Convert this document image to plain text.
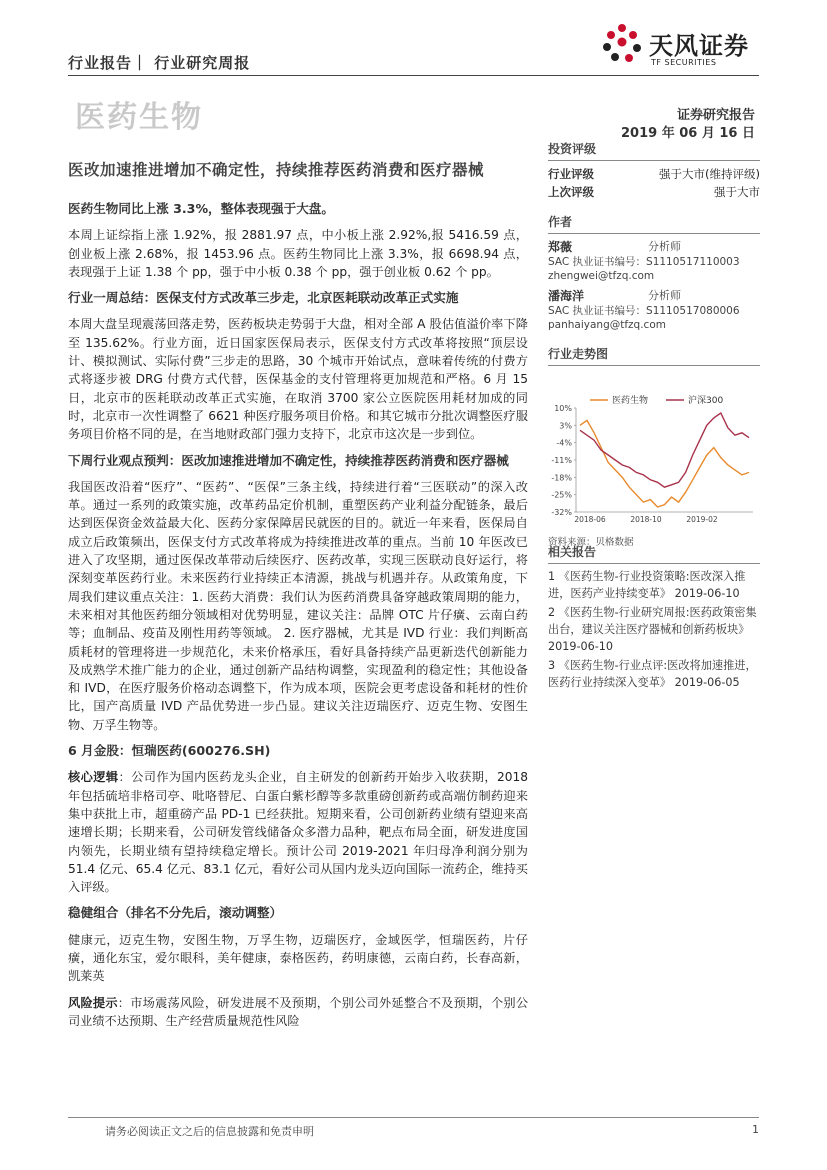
行业报告｜ 行业研究周报
天风证券
TF SECURITIES
医药生物	证券研究报告
2019 年 06 月 16 日
医改加速推进增加不确定性，持续推荐医药消费和医疗器械
医药生物同比上涨 3.3%，整体表现强于大盘。

本周上证综指上涨 1.92%，报 2881.97 点，中小板上涨 2.92%,报 5416.59 点，创业板上涨 2.68%，报 1453.96 点。医药生物同比上涨 3.3%，报 6698.94 点，表现强于上证 1.38 个 pp，强于中小板 0.38 个 pp，强于创业板 0.62 个 pp。

行业一周总结：医保支付方式改革三步走，北京医耗联动改革正式实施

本周大盘呈现震荡回落走势，医药板块走势弱于大盘，相对全部 A 股估值溢价率下降至 135.62%。行业方面，近日国家医保局表示，医保支付方式改革将按照“顶层设计、模拟测试、实际付费”三步走的思路，30 个城市开始试点，意味着传统的付费方式将逐步被 DRG 付费方式代替，医保基金的支付管理将更加规范和严格。6 月 15 日，北京市的医耗联动改革正式实施，在取消 3700 家公立医院医用耗材加成的同时，北京市一次性调整了 6621 种医疗服务项目价格。和其它城市分批次调整医疗服务项目价格不同的是，在当地财政部门强力支持下，北京市这次是一步到位。

下周行业观点预判：医改加速推进增加不确定性，持续推荐医药消费和医疗器械

我国医改沿着“医疗”、“医药”、“医保”三条主线，持续进行着“三医联动”的深入改革。通过一系列的政策实施，改革药品定价机制，重塑医药产业利益分配链条，最后达到医保资金效益最大化、医药分家保障居民就医的目的。就近一年来看，医保局自成立后政策频出，医保支付方式改革将成为持续推进改革的重点。当前 10 年医改已进入了攻坚期，通过医保改革带动后续医疗、医药改革，实现三医联动良好运行，将深刻变革医药行业。未来医药行业持续正本清源，挑战与机遇并存。从政策角度，下周我们建议重点关注：1. 医药大消费：我们认为医药消费具备穿越政策周期的能力，未来相对其他医药细分领域相对优势明显，建议关注：品牌 OTC 片仔癀、云南白药等；血制品、疫苗及刚性用药等领域。 2. 医疗器械，尤其是 IVD 行业：我们判断高质耗材的管理将进一步规范化，未来价格承压，看好具备持续产品更新迭代创新能力及成熟学术推广能力的企业，通过创新产品结构调整，实现盈利的稳定性；其他设备和 IVD，在医疗服务价格动态调整下，作为成本项，医院会更考虑设备和耗材的性价比，国产高质量 IVD 产品优势进一步凸显。建议关注迈瑞医疗、迈克生物、安图生物、万孚生物等。

6 月金股：恒瑞医药(600276.SH)

核心逻辑：公司作为国内医药龙头企业，自主研发的创新药开始步入收获期，2018 年包括硫培非格司亭、吡咯替尼、白蛋白紫杉醇等多款重磅创新药或高端仿制药迎来集中获批上市，超重磅产品 PD-1 已经获批。短期来看，公司创新药业绩有望迎来高速增长期；长期来看，公司研发管线储备众多潜力品种，靶点布局全面，研发进度国内领先，长期业绩有望持续稳定增长。预计公司 2019-2021 年归母净利润分别为 51.4 亿元、65.4 亿元、83.1 亿元，看好公司从国内龙头迈向国际一流药企，维持买入评级。

稳健组合（排名不分先后，滚动调整）

健康元，迈克生物，安图生物，万孚生物，迈瑞医疗，金域医学，恒瑞医药，片仔癀，通化东宝，爱尔眼科，美年健康，泰格医药，药明康德，云南白药，长春高新，凯莱英

风险提示：市场震荡风险，研发进展不及预期，个别公司外延整合不及预期，个别公司业绩不达预期、生产经营质量规范性风险

投资评级
行业评级	强于大市(维持评级)
上次评级	强于大市
作者
郑薇	分析师
SAC 执业证书编号：S1110517110003
zhengwei@tfzq.com
潘海洋	分析师
SAC 执业证书编号：S1110517080006
panhaiyang@tfzq.com
行业走势图
医药生物	沪深300
10%
3%
-4%
-11%
-18%
-25%
-32%
2018-06	2018-10	2019-02
资料来源：贝格数据
相关报告
1 《医药生物-行业投资策略:医改深入推进，医药产业持续变革》 2019-06-10
2 《医药生物-行业研究周报:医药政策密集出台，建议关注医疗器械和创新药板块》 2019-06-10
3 《医药生物-行业点评:医改将加速推进，医药行业持续深入变革》 2019-06-05
请务必阅读正文之后的信息披露和免责申明	1
